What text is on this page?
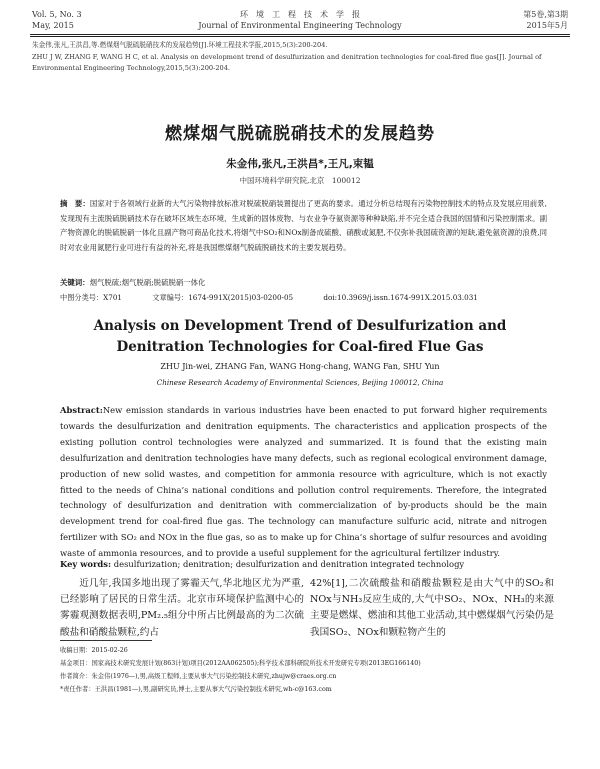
Vol. 5, No. 3
May, 2015
环　境　工　程　技　术　学　报
Journal of Environmental Engineering Technology
第5卷,第3期
2015年5月
朱金伟,张凡,王洪昌,等.燃煤烟气脱硫脱硝技术的发展趋势[J].环境工程技术学报,2015,5(3):200-204.
ZHU J W, ZHANG F, WANG H C, et al. Analysis on development trend of desulfurization and denitration technologies for coal-fired flue gas[J]. Journal of Environmental Engineering Technology,2015,5(3):200-204.
燃煤烟气脱硫脱硝技术的发展趋势
朱金伟,张凡,王洪昌*,王凡,束韫
中国环境科学研究院,北京　100012
摘　要：国家对于各领域行业新的大气污染物排放标准对脱硫脱硝装置提出了更高的要求。通过分析总结现有污染物控制技术的特点及发展应用前景,发现现有主流脱硫脱硝技术存在破坏区域生态环境、生成新的固体废物、与农业争夺氨资源等种种缺陷,并不完全适合我国的国情和污染控制需求。副产物资源化的脱硫脱硝一体化且副产物可商品化技术,将烟气中SO₂和NOx制备成硫酸、硝酸或氮肥,不仅弥补我国硫资源的短缺,避免氨资源的浪费,同时对农业用氮肥行业可进行有益的补充,将是我国燃煤烟气脱硫脱硝技术的主要发展趋势。
关键词：烟气脱硫;烟气脱硝;脱硫脱硝一体化
中图分类号：X701	文章编号：1674-991X(2015)03-0200-05	doi:10.3969/j.issn.1674-991X.2015.03.031
Analysis on Development Trend of Desulfurization and
Denitration Technologies for Coal-fired Flue Gas
ZHU Jin-wei, ZHANG Fan, WANG Hong-chang, WANG Fan, SHU Yun
Chinese Research Academy of Environmental Sciences, Beijing 100012, China
Abstract:New emission standards in various industries have been enacted to put forward higher requirements towards the desulfurization and denitration equipments. The characteristics and application prospects of the existing pollution control technologies were analyzed and summarized. It is found that the existing main desulfurization and denitration technologies have many defects, such as regional ecological environment damage, production of new solid wastes, and competition for ammonia resource with agriculture, which is not exactly fitted to the needs of China’s national conditions and pollution control requirements. Therefore, the integrated technology of desulfurization and denitration with commercialization of by-products should be the main development trend for coal-fired flue gas. The technology can manufacture sulfuric acid, nitrate and nitrogen fertilizer with SO₂ and NOx in the flue gas, so as to make up for China’s shortage of sulfur resources and avoiding waste of ammonia resources, and to provide a useful supplement for the agricultural fertilizer industry.
Key words: desulfurization; denitration; desulfurization and denitration integrated technology
近几年,我国多地出现了雾霾天气,华北地区尤为严重,已经影响了居民的日常生活。北京市环境保护监测中心的雾霾观测数据表明,PM₂.₅组分中所占比例最高的为二次硫酸盐和硝酸盐颗粒,约占
42%[1],二次硫酸盐和硝酸盐颗粒是由大气中的SO₂和NOx与NH₃反应生成的,大气中SO₂、NOx、NH₃的来源主要是燃煤、燃油和其他工业活动,其中燃煤烟气污染仍是我国SO₂、NOx和颗粒物产生的
收稿日期：2015-02-26
基金项目：国家高技术研究发展计划(863计划)项目(2012AA062505);科学技术部科研院所技术开发研究专项(2013EG166140)
作者简介：朱金伟(1976—),男,高级工程师,主要从事大气污染控制技术研究,zhujw@craes.org.cn
*责任作者：王洪昌(1981—),男,副研究员,博士,主要从事大气污染控制技术研究,wh-c@163.com
